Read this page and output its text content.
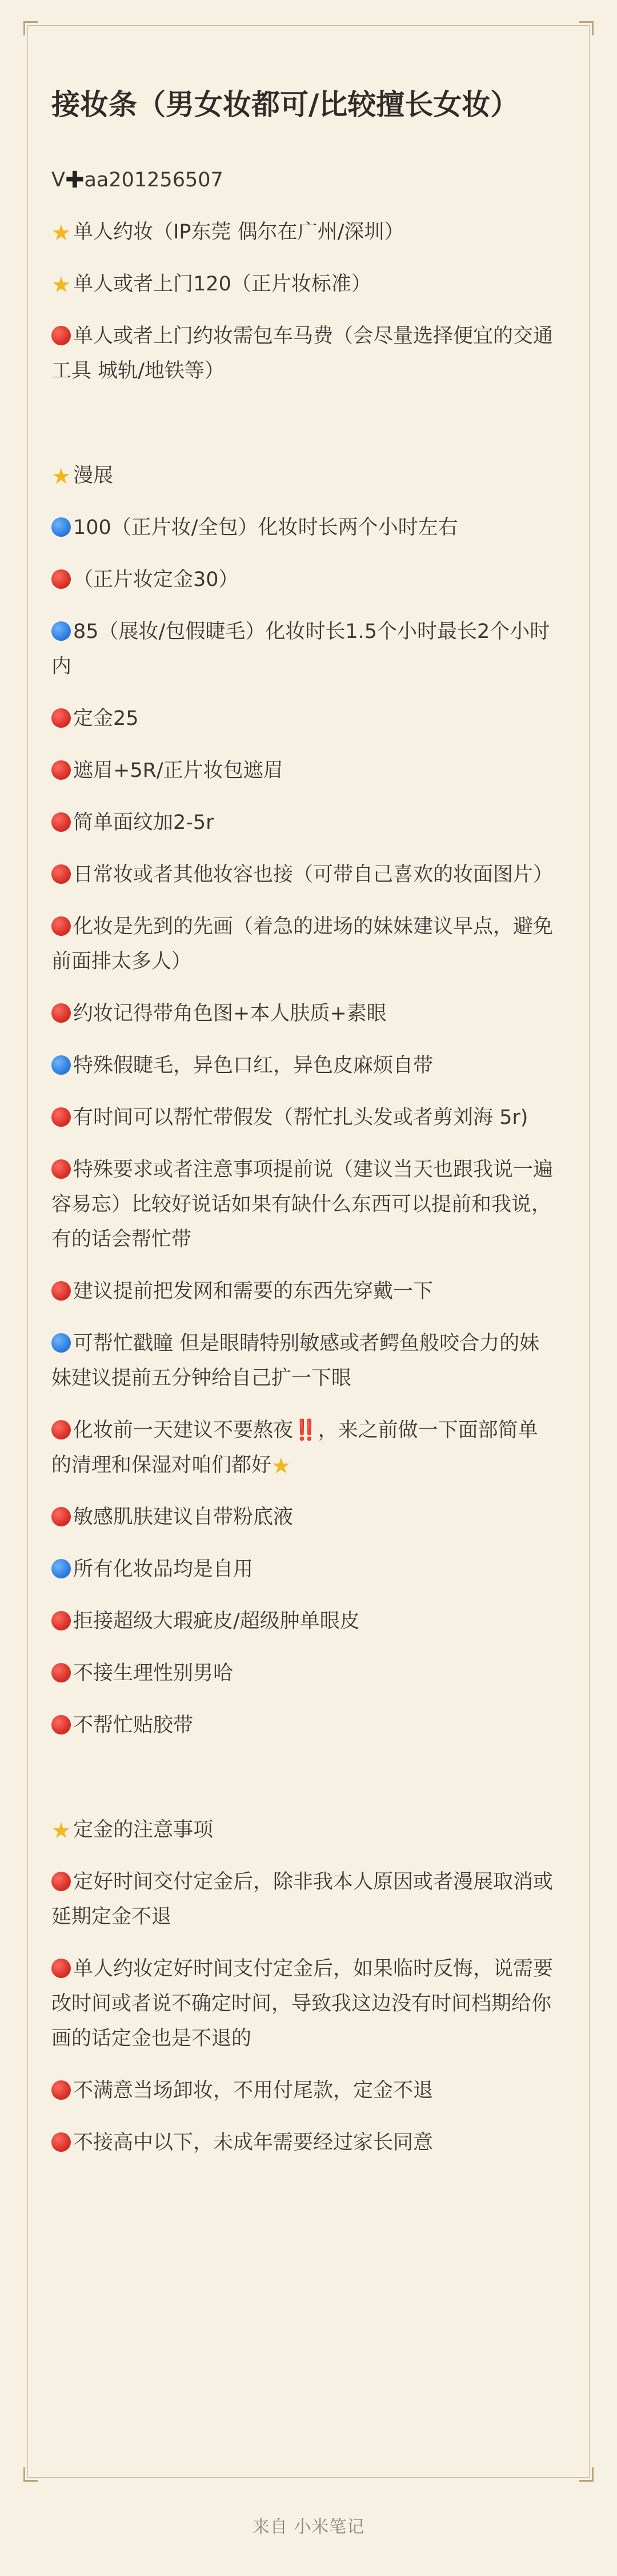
接妆条（男女妆都可/比较擅长女妆）

V✚aa201256507

★ 单人约妆（IP东莞 偶尔在广州/深圳）

★ 单人或者上门120（正片妆标准）

单人或者上门约妆需包车马费（会尽量选择便宜的交通工具 城轨/地铁等）

★ 漫展

100（正片妆/全包）化妆时长两个小时左右

（正片妆定金30）

85（展妆/包假睫毛）化妆时长1.5个小时最长2个小时内

定金25

遮眉+5R/正片妆包遮眉

简单面纹加2-5r

日常妆或者其他妆容也接（可带自己喜欢的妆面图片）

化妆是先到的先画（着急的进场的妹妹建议早点，避免前面排太多人）

约妆记得带角色图+本人肤质+素眼

特殊假睫毛，异色口红，异色皮麻烦自带

有时间可以帮忙带假发（帮忙扎头发或者剪刘海 5r)

特殊要求或者注意事项提前说（建议当天也跟我说一遍 容易忘）比较好说话如果有缺什么东西可以提前和我说，有的话会帮忙带

建议提前把发网和需要的东西先穿戴一下

可帮忙戳瞳 但是眼睛特别敏感或者鳄鱼般咬合力的妹妹建议提前五分钟给自己扩一下眼

化妆前一天建议不要熬夜‼️，来之前做一下面部简单的清理和保湿对咱们都好★

敏感肌肤建议自带粉底液

所有化妆品均是自用

拒接超级大瑕疵皮/超级肿单眼皮

不接生理性别男哈

不帮忙贴胶带

★ 定金的注意事项

定好时间交付定金后，除非我本人原因或者漫展取消或延期定金不退

单人约妆定好时间支付定金后，如果临时反悔，说需要改时间或者说不确定时间，导致我这边没有时间档期给你画的话定金也是不退的

不满意当场卸妆，不用付尾款，定金不退

不接高中以下，未成年需要经过家长同意

来自 小米笔记
